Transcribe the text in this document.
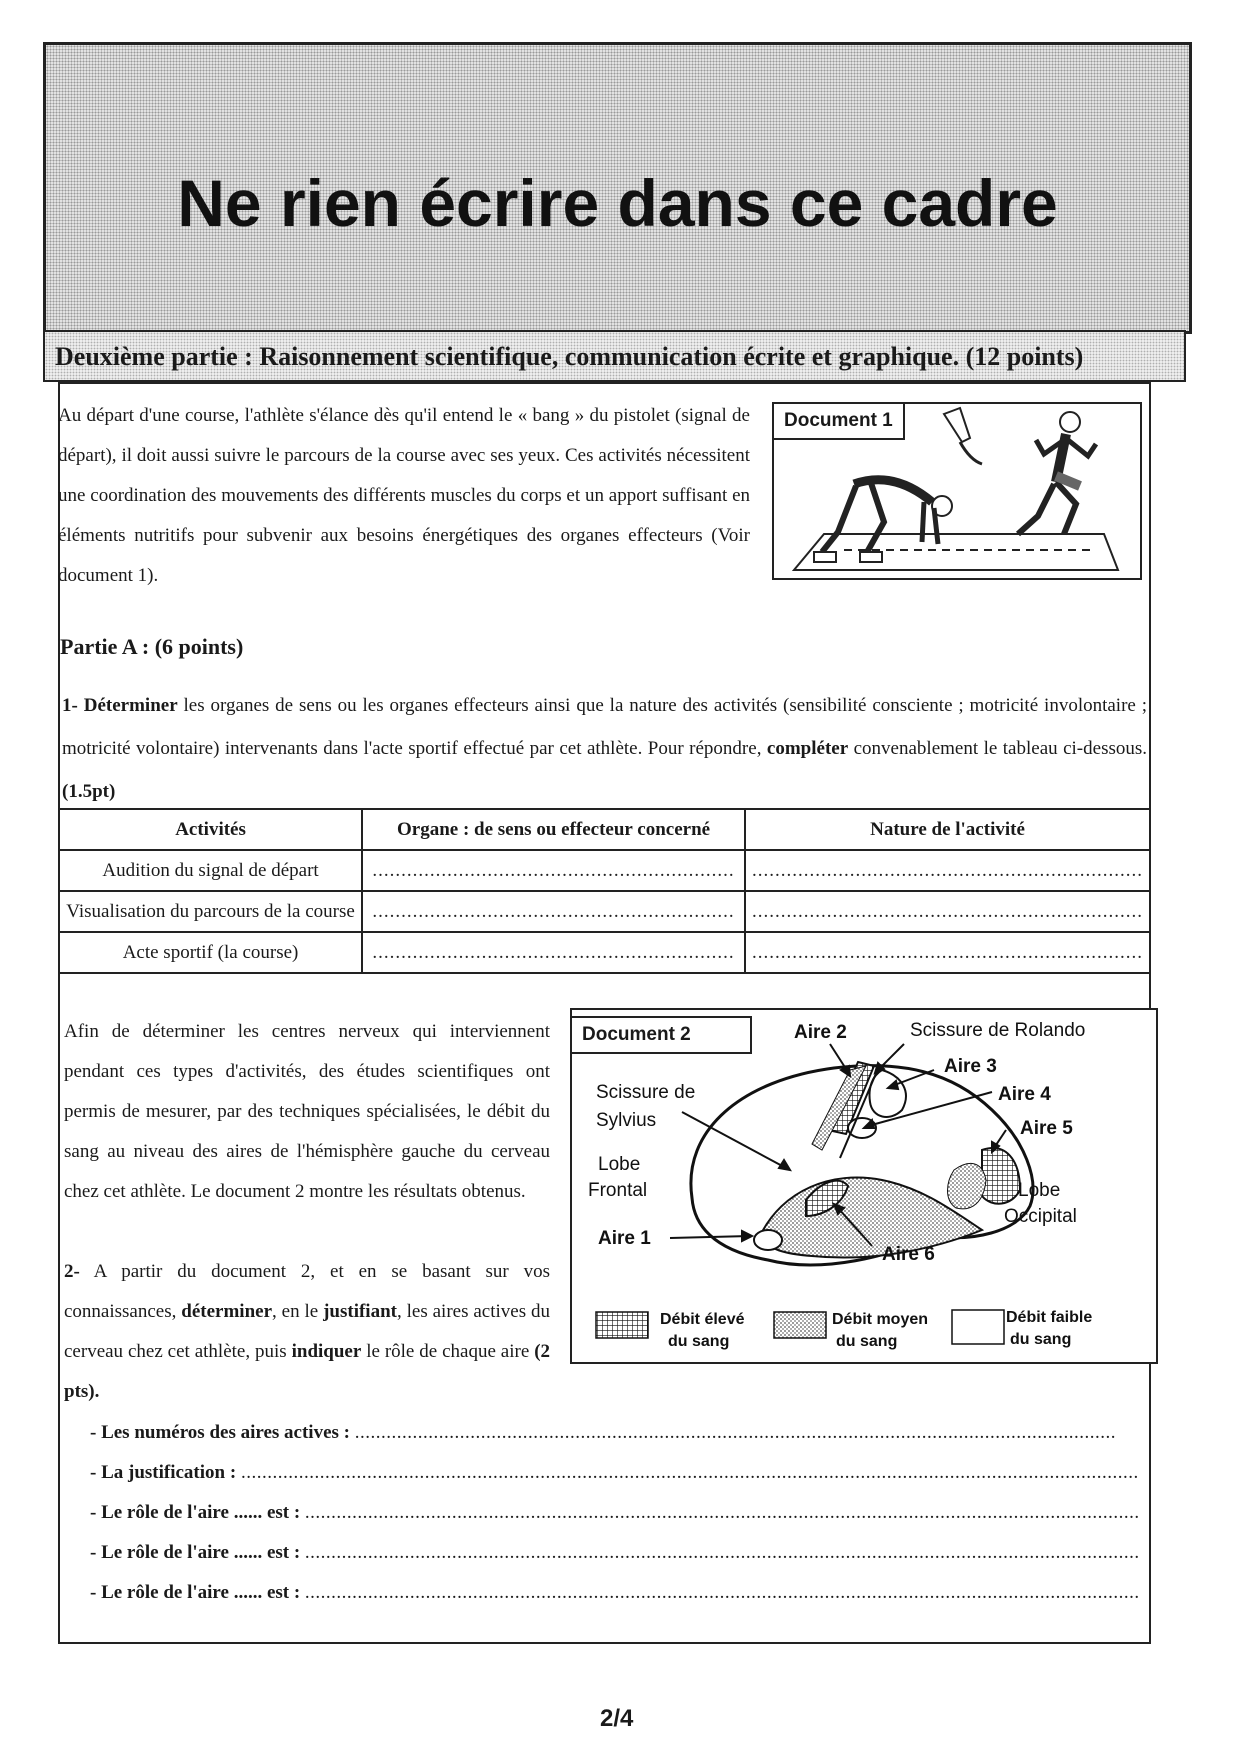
Ne rien écrire dans ce cadre
Deuxième partie : Raisonnement scientifique, communication écrite et graphique. (12 points)
Au départ d'une course, l'athlète s'élance dès qu'il entend le « bang » du pistolet (signal de départ), il doit aussi suivre le parcours de la course avec ses yeux. Ces activités nécessitent une coordination des mouvements des différents muscles du corps et un apport suffisant en éléments nutritifs pour subvenir aux besoins énergétiques des organes effecteurs (Voir document 1).
Document 1
Partie A : (6 points)
1- Déterminer les organes de sens ou les organes effecteurs ainsi que la nature des activités (sensibilité consciente ; motricité involontaire ; motricité volontaire) intervenants dans l'acte sportif effectué par cet athlète. Pour répondre, compléter convenablement le tableau ci-dessous. (1.5pt)
Activités	Organe : de sens ou effecteur concerné	Nature de l'activité
Audition du signal de départ	...............................................................	....................................................................
Visualisation du parcours de la course	...............................................................	....................................................................
Acte sportif (la course)	...............................................................	....................................................................
Afin de déterminer les centres nerveux qui interviennent pendant ces types d'activités, des études scientifiques ont permis de mesurer, par des techniques spécialisées, le débit du sang au niveau des aires de l'hémisphère gauche du cerveau chez cet athlète. Le document 2 montre les résultats obtenus.
2- A partir du document 2, et en se basant sur vos connaissances, déterminer, en le justifiant, les aires actives du cerveau chez cet athlète, puis indiquer le rôle de chaque aire (2 pts).
Aire 2	Scissure de Rolando
Aire 3
Aire 4
Aire 5
Scissure de
Sylvius
Lobe
Frontal	Lobe
Occipital
Aire 1
Aire 6
Débit élevé
du sang
Débit moyen
du sang
Débit faible
du sang
Document 2
- Les numéros des aires actives : .................................................................................................................................................
- La justification : ...........................................................................................................................................................................
- Le rôle de l'aire ...... est : ...............................................................................................................................................................
- Le rôle de l'aire ...... est : ...............................................................................................................................................................
- Le rôle de l'aire ...... est : ...............................................................................................................................................................
2/4
